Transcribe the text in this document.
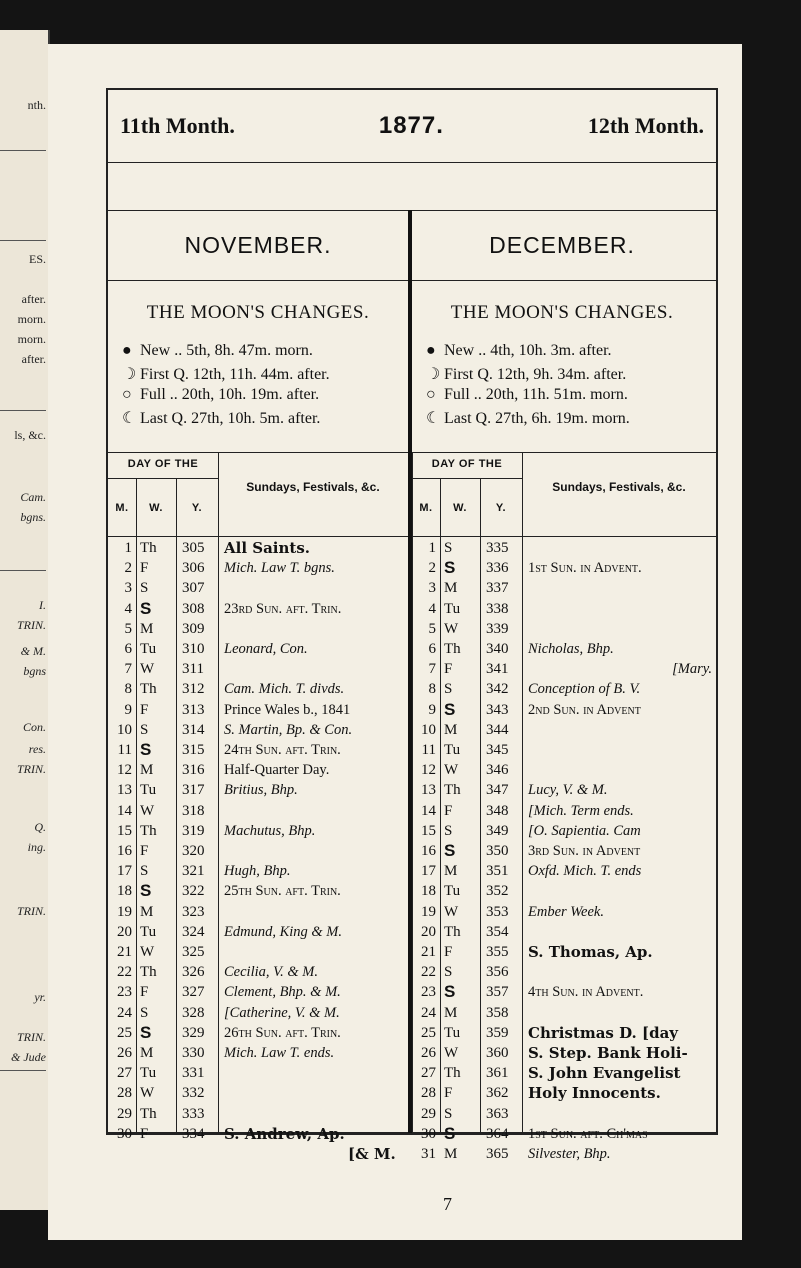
nth.
ES.
after.
morn.
morn.
after.
ls, &c.
Cam.
bgns.
I.
TRIN.
& M.
bgns
Con.
res.
TRIN.
Q.
ing.
TRIN.
yr.
TRIN.
& Jude
11th Month.	1877.	12th Month.
NOVEMBER.
THE MOON'S CHANGES.
● New .. 5th, 8h. 47m. morn.
☽ First Q. 12th, 11h. 44m. after.
○ Full .. 20th, 10h. 19m. after.
☾ Last Q. 27th, 10h. 5m. after.
DAY OF THE
M.	W.	Y.
Sundays, Festivals, &c.
1 Th	305	All Saints.
2 F	306	Mich. Law T. bgns.
3 S	307
4 S	308	23rd Sun. aft. Trin.
5 M	309
6 Tu	310	Leonard, Con.
7 W	311
8 Th	312	Cam. Mich. T. divds.
9 F	313	Prince Wales b., 1841
10 S	314	S. Martin, Bp. & Con.
11 S	315	24th Sun. aft. Trin.
12 M	316	Half-Quarter Day.
13 Tu	317	Britius, Bhp.
14 W	318
15 Th	319	Machutus, Bhp.
16 F	320
17 S	321	Hugh, Bhp.
18 S	322	25th Sun. aft. Trin.
19 M	323
20 Tu	324	Edmund, King & M.
21 W	325
22 Th	326	Cecilia, V. & M.
23 F	327	Clement, Bhp. & M.
24 S	328	[Catherine, V. & M.
25 S	329	26th Sun. aft. Trin.
26 M	330	Mich. Law T. ends.
27 Tu	331
28 W	332
29 Th	333
30 F	334	S. Andrew, Ap.
[& M.
DECEMBER.
THE MOON'S CHANGES.
● New .. 4th, 10h. 3m. after.
☽ First Q. 12th, 9h. 34m. after.
○ Full .. 20th, 11h. 51m. morn.
☾ Last Q. 27th, 6h. 19m. morn.
DAY OF THE
M.	W.	Y.
Sundays, Festivals, &c.
1 S	335
2 S	336	1st Sun. in Advent.
3 M	337
4 Tu	338
5 W	339
6 Th	340	Nicholas, Bhp.
7 F	341	[Mary.
8 S	342	Conception of B. V.
9 S	343	2nd Sun. in Advent
10 M	344
11 Tu	345
12 W	346
13 Th	347	Lucy, V. & M.
14 F	348	[Mich. Term ends.
15 S	349	[O. Sapientia. Cam
16 S	350	3rd Sun. in Advent
17 M	351	Oxfd. Mich. T. ends
18 Tu	352
19 W	353	Ember Week.
20 Th	354
21 F	355	S. Thomas, Ap.
22 S	356
23 S	357	4th Sun. in Advent.
24 M	358
25 Tu	359	Christmas D. [day
26 W	360	S. Step. Bank Holi-
27 Th	361	S. John Evangelist
28 F	362	Holy Innocents.
29 S	363
30 S	364	1st Sun. aft. Ch'mas
31 M	365	Silvester, Bhp.
7
